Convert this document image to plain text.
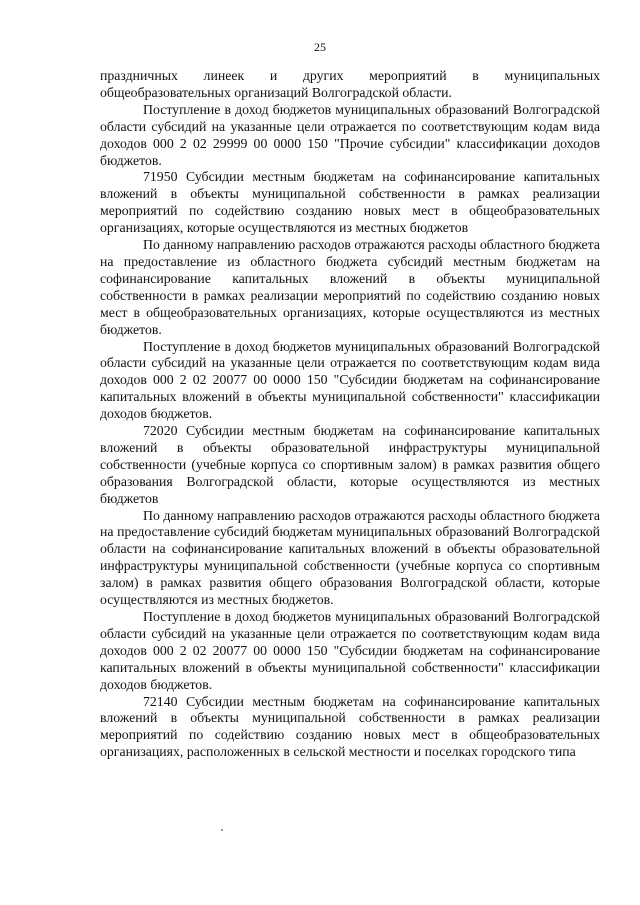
25

праздничных линеек и других мероприятий в муниципальных общеобразовательных организаций Волгоградской области.

Поступление в доход бюджетов муниципальных образований Волгоградской области субсидий на указанные цели отражается по соответствующим кодам вида доходов 000 2 02 29999 00 0000 150 "Прочие субсидии" классификации доходов бюджетов.

71950 Субсидии местным бюджетам на софинансирование капитальных вложений в объекты муниципальной собственности в рамках реализации мероприятий по содействию созданию новых мест в общеобразовательных организациях, которые осуществляются из местных бюджетов

По данному направлению расходов отражаются расходы областного бюджета на предоставление из областного бюджета субсидий местным бюджетам на софинансирование капитальных вложений в объекты муниципальной собственности в рамках реализации мероприятий по содействию созданию новых мест в общеобразовательных организациях, которые осуществляются из местных бюджетов.

Поступление в доход бюджетов муниципальных образований Волгоградской области субсидий на указанные цели отражается по соответствующим кодам вида доходов 000 2 02 20077 00 0000 150 "Субсидии бюджетам на софинансирование капитальных вложений в объекты муниципальной собственности" классификации доходов бюджетов.

72020 Субсидии местным бюджетам на софинансирование капитальных вложений в объекты образовательной инфраструктуры муниципальной собственности (учебные корпуса со спортивным залом) в рамках развития общего образования Волгоградской области, которые осуществляются из местных бюджетов

По данному направлению расходов отражаются расходы областного бюджета на предоставление субсидий бюджетам муниципальных образований Волгоградской области на софинансирование капитальных вложений в объекты образовательной инфраструктуры муниципальной собственности (учебные корпуса со спортивным залом) в рамках развития общего образования Волгоградской области, которые осуществляются из местных бюджетов.

Поступление в доход бюджетов муниципальных образований Волгоградской области субсидий на указанные цели отражается по соответствующим кодам вида доходов 000 2 02 20077 00 0000 150 "Субсидии бюджетам на софинансирование капитальных вложений в объекты муниципальной собственности" классификации доходов бюджетов.

72140 Субсидии местным бюджетам на софинансирование капитальных вложений в объекты муниципальной собственности в рамках реализации мероприятий по содействию созданию новых мест в общеобразовательных организациях, расположенных в сельской местности и поселках городского типа
